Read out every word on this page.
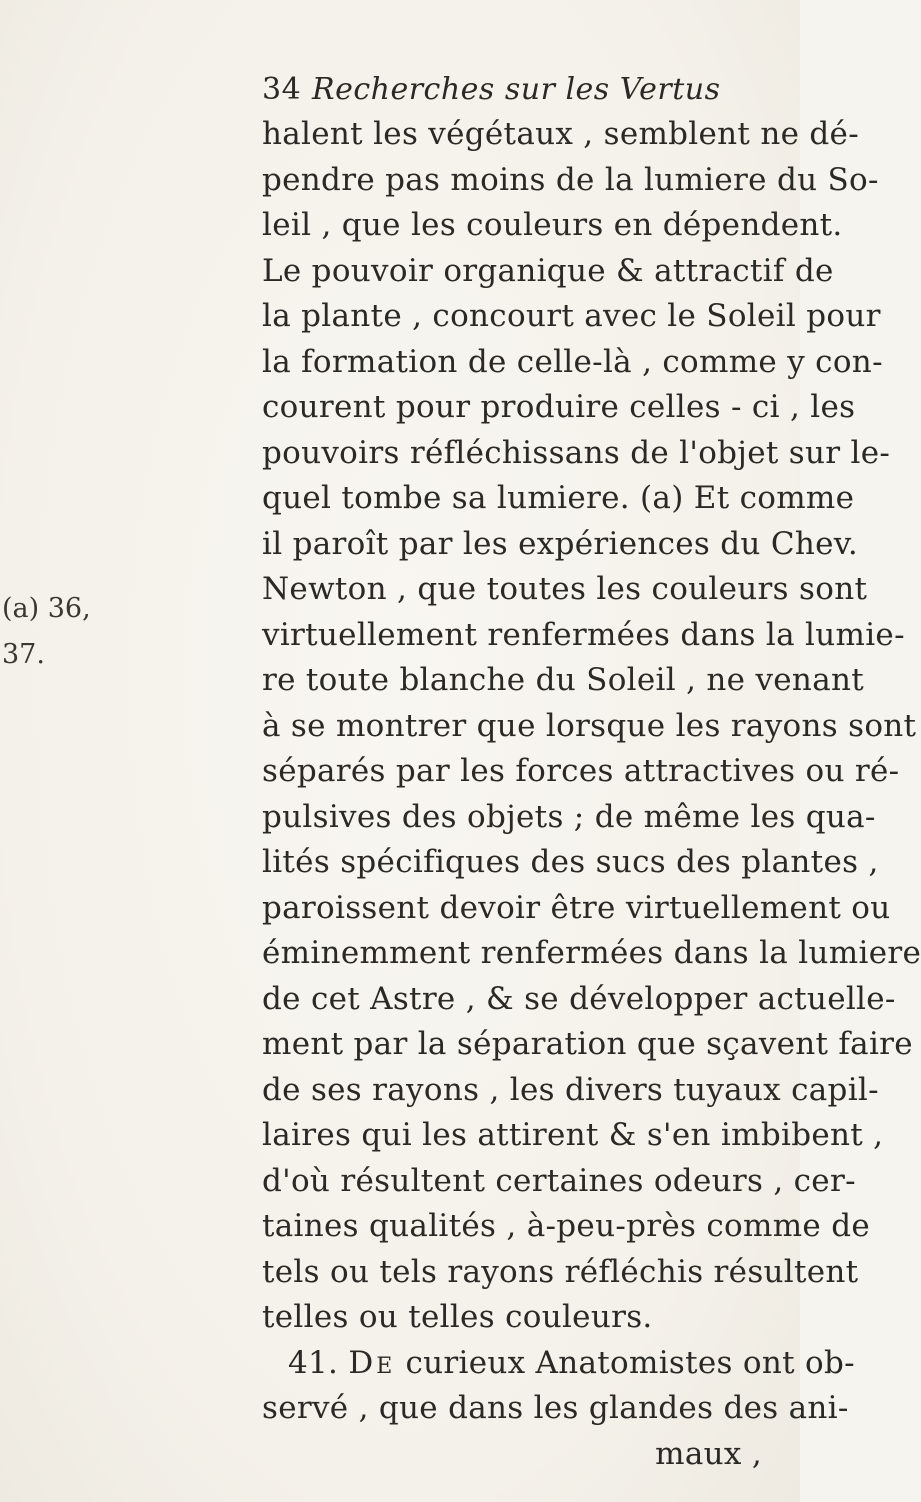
34 Recherches sur les Vertus
(a) 36,
37.
halent les végétaux , semblent ne dé-
pendre pas moins de la lumiere du So-
leil , que les couleurs en dépendent.
Le pouvoir organique & attractif de
la plante , concourt avec le Soleil pour
la formation de celle-là , comme y con-
courent pour produire celles - ci , les
pouvoirs réfléchissans de l'objet sur le-
quel tombe sa lumiere. (a) Et comme
il paroît par les expériences du Chev.
Newton , que toutes les couleurs sont
virtuellement renfermées dans la lumie-
re toute blanche du Soleil , ne venant
à se montrer que lorsque les rayons sont
séparés par les forces attractives ou ré-
pulsives des objets ; de même les qua-
lités spécifiques des sucs des plantes ,
paroissent devoir être virtuellement ou
éminemment renfermées dans la lumiere
de cet Astre , & se développer actuelle-
ment par la séparation que sçavent faire
de ses rayons , les divers tuyaux capil-
laires qui les attirent & s'en imbibent ,
d'où résultent certaines odeurs , cer-
taines qualités , à-peu-près comme de
tels ou tels rayons réfléchis résultent
telles ou telles couleurs.
41. De curieux Anatomistes ont ob-
servé , que dans les glandes des ani-
maux ,
